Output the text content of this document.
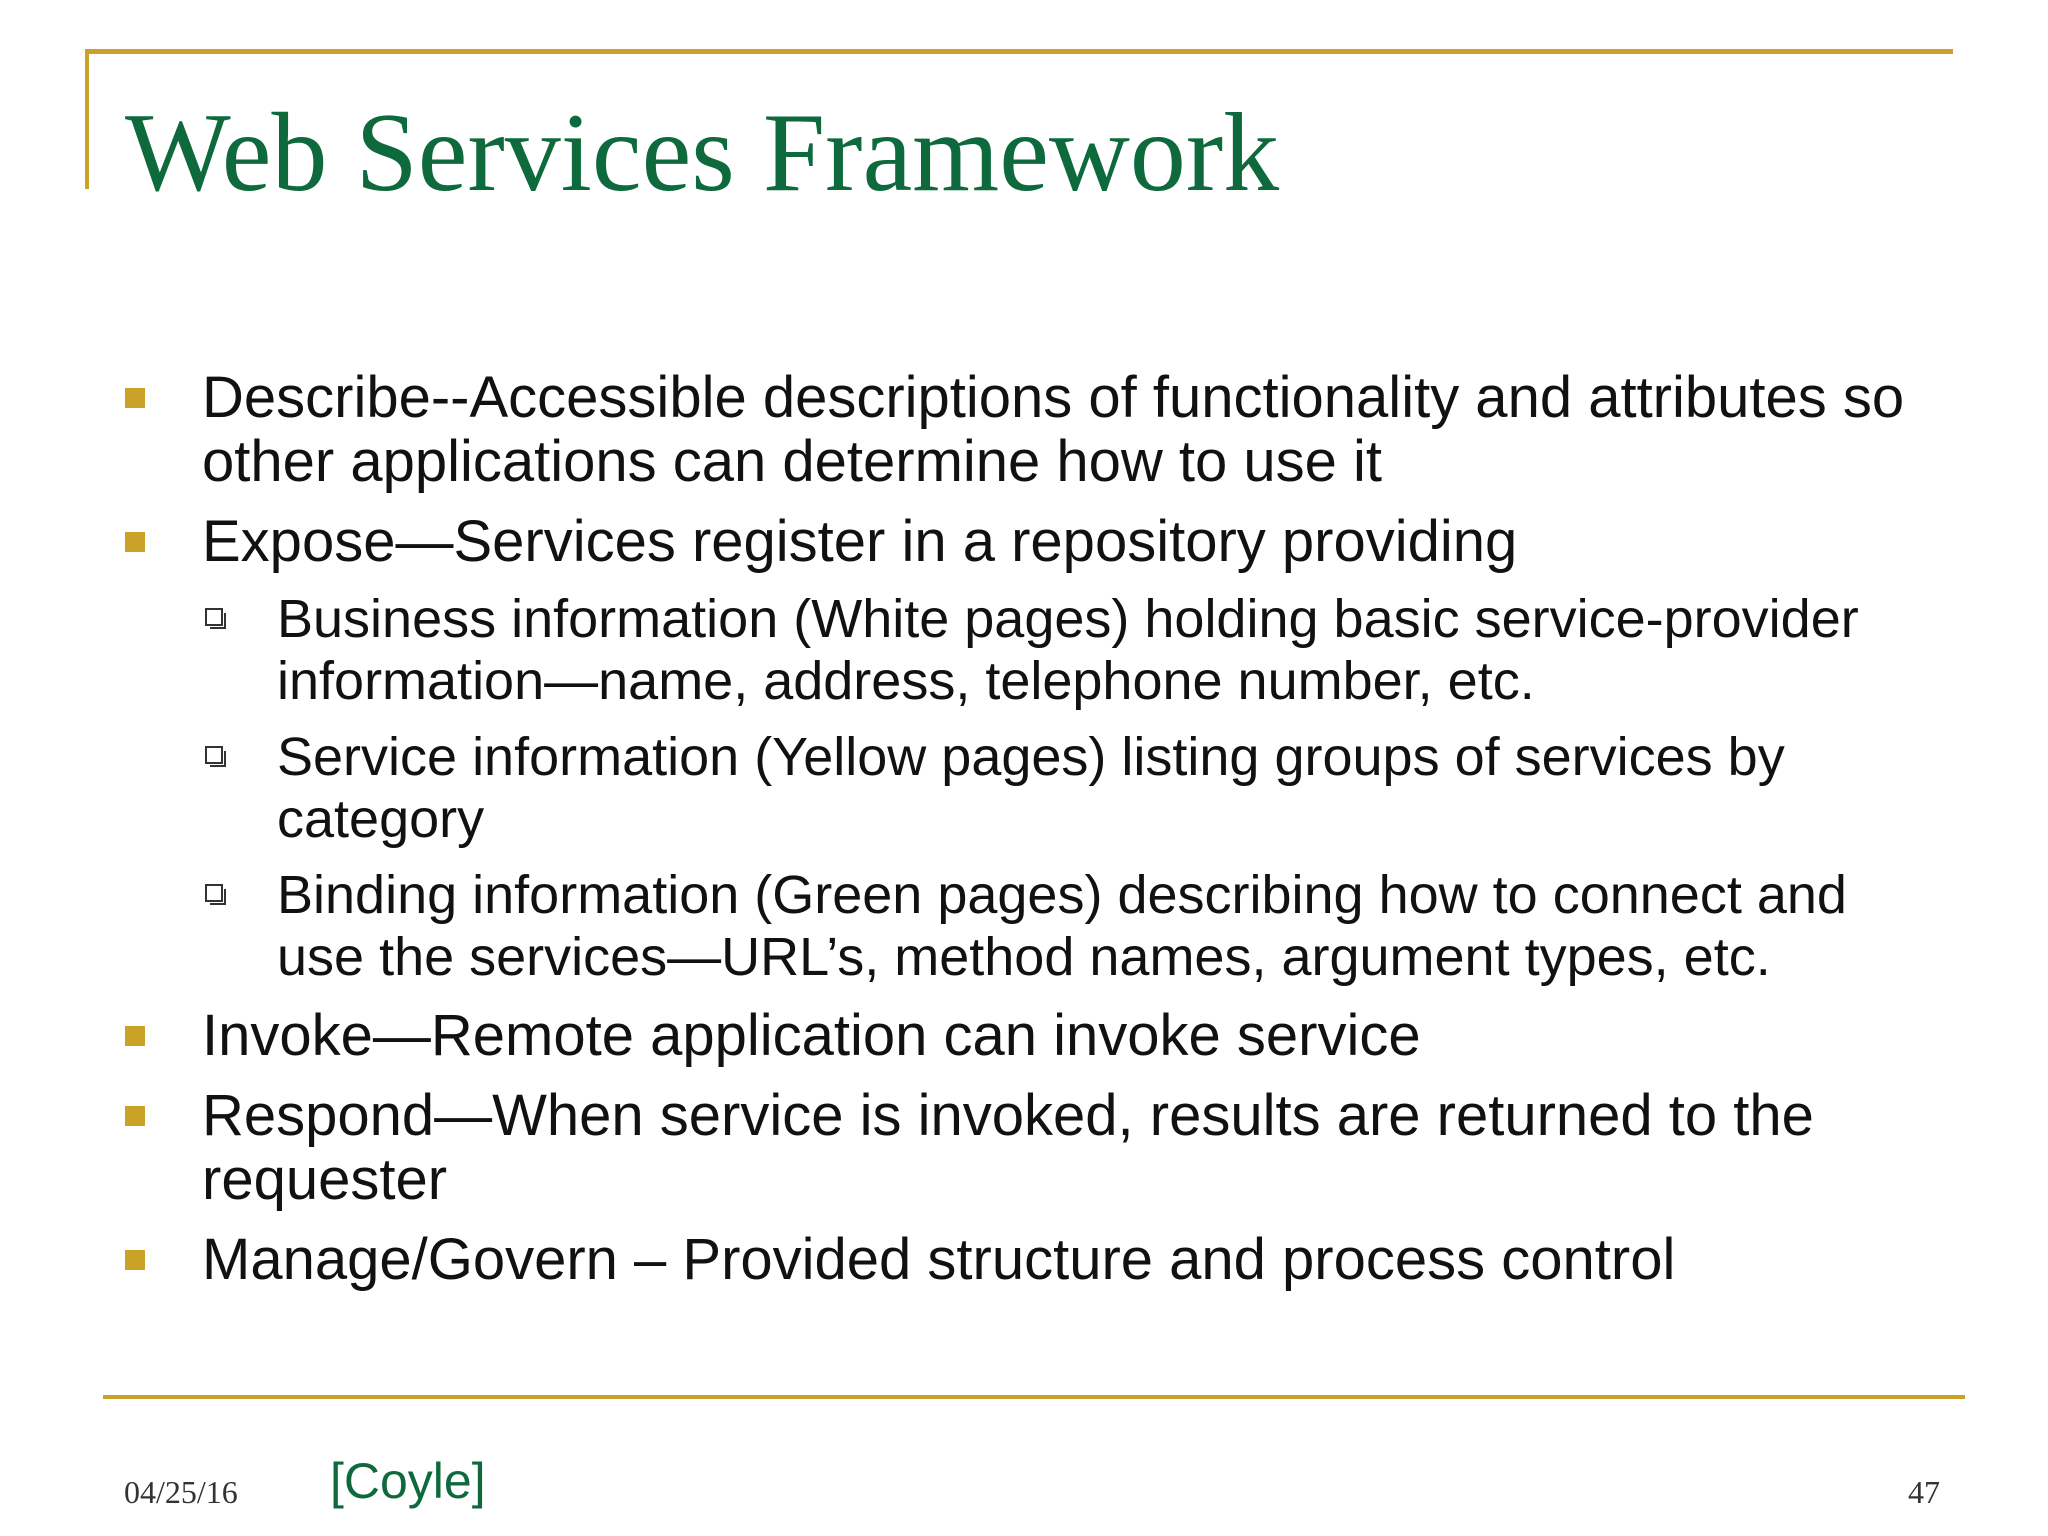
Web Services Framework
Describe--Accessible descriptions of functionality and attributes so other applications can determine how to use it
Expose—Services register in a repository providing
Business information (White pages) holding basic service-provider information—name, address, telephone number, etc.
Service information (Yellow pages) listing groups of services by category
Binding information (Green pages) describing how to connect and use the services—URL’s, method names, argument types, etc.
Invoke—Remote application can invoke service
Respond—When service is invoked, results are returned to the requester
Manage/Govern – Provided structure and process control
04/25/16 [Coyle]	47
